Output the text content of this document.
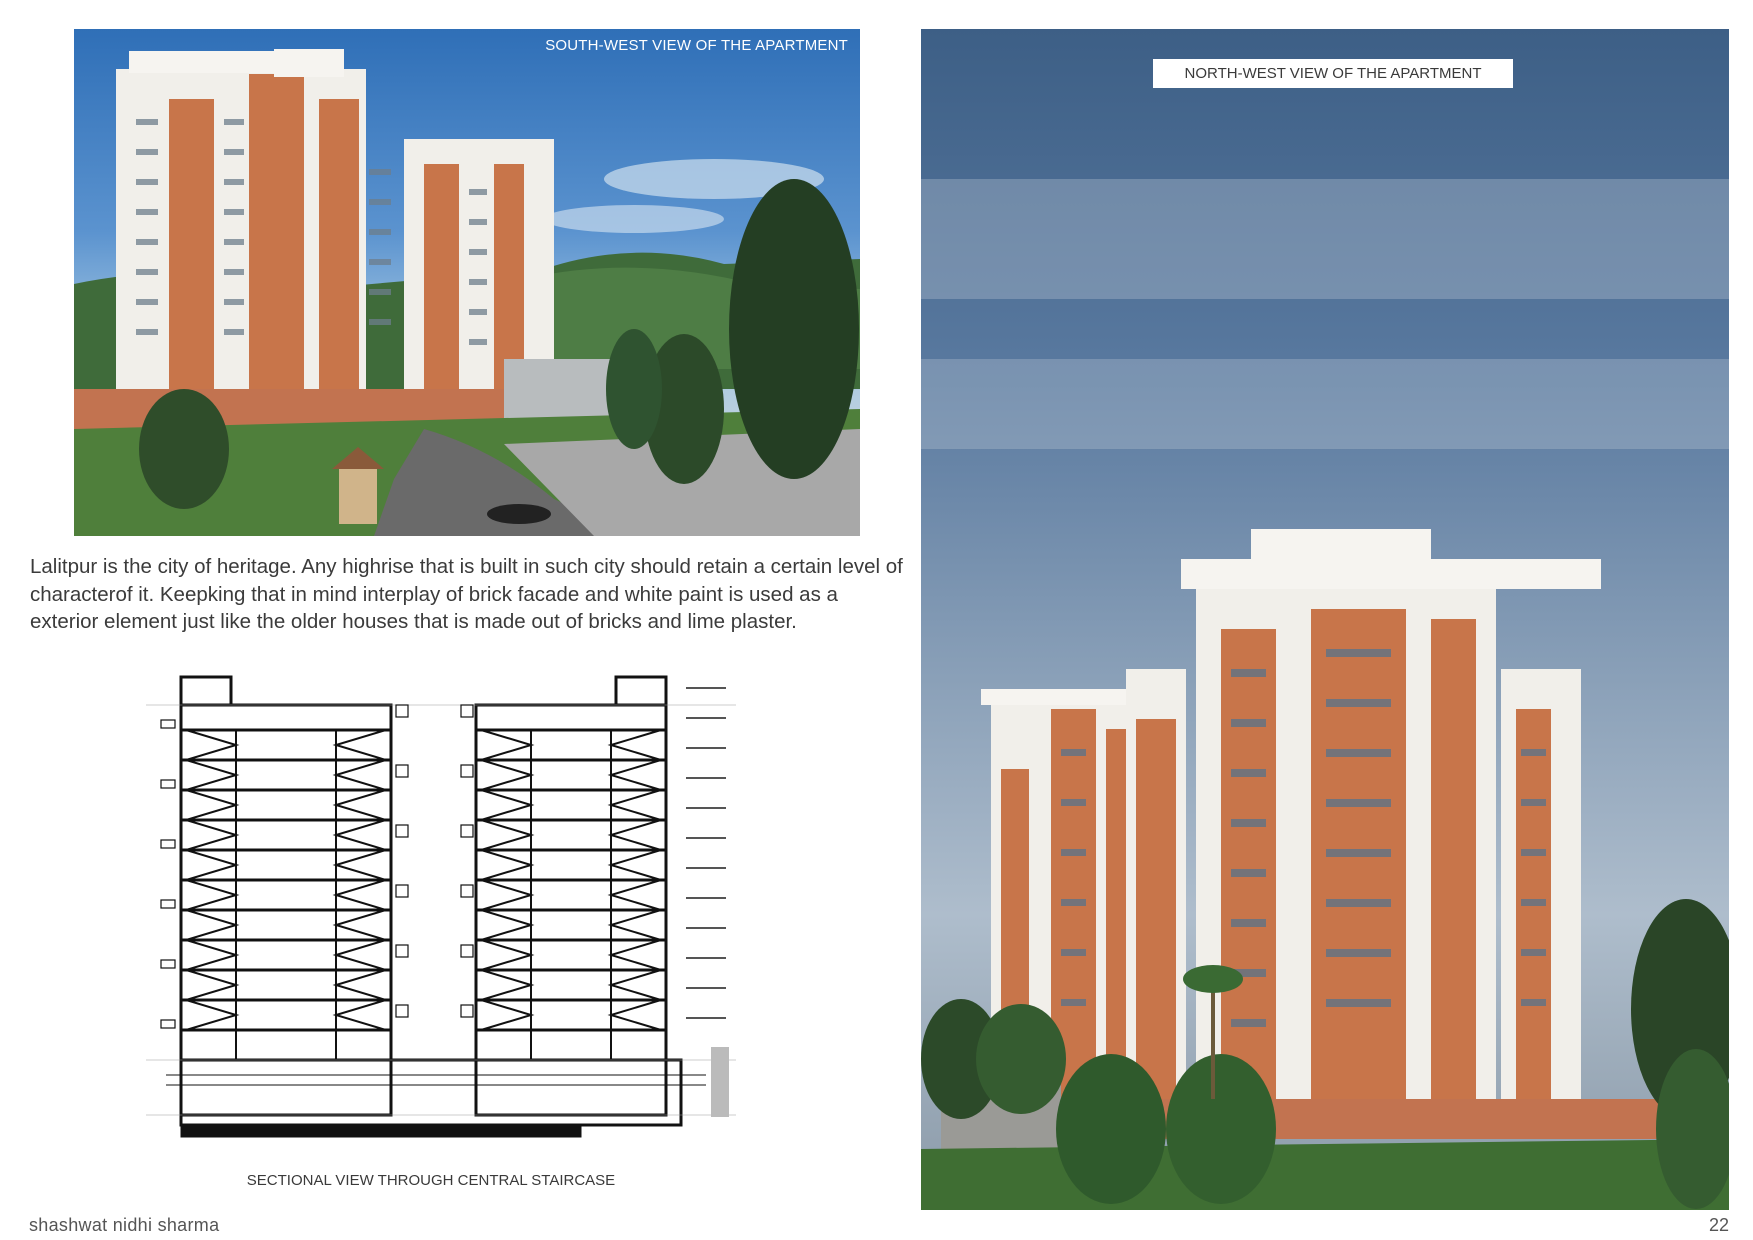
SOUTH-WEST VIEW OF THE APARTMENT
Lalitpur is the city of heritage. Any highrise that is built in such city should retain a certain level of characterof it. Keepking that in mind interplay of brick facade and white paint is used as a exterior element just like the older houses that is made out of bricks and lime plaster.
SECTIONAL VIEW THROUGH CENTRAL STAIRCASE
NORTH-WEST VIEW OF THE APARTMENT
shashwat nidhi sharma	22
